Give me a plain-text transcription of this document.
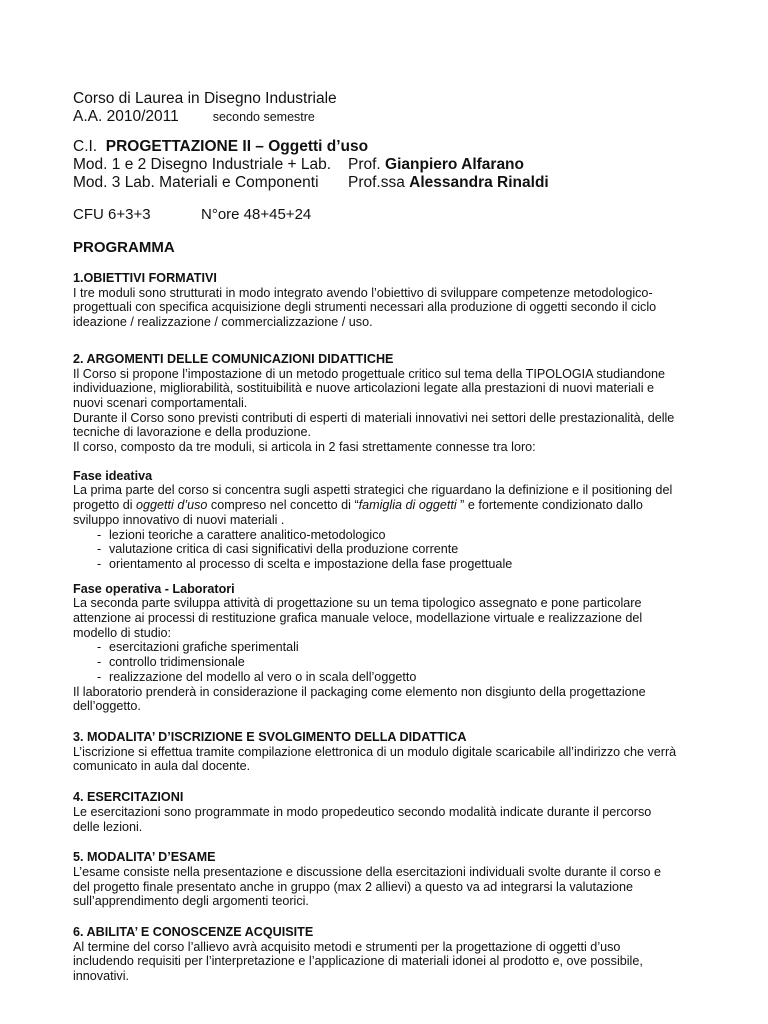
Corso di Laurea in Disegno Industriale
A.A. 2010/2011	secondo semestre
C.I. PROGETTAZIONE II – Oggetti d’uso
Mod. 1 e 2 Disegno Industriale + Lab.	Prof. Gianpiero Alfarano
Mod. 3 Lab. Materiali e Componenti	Prof.ssa Alessandra Rinaldi
CFU 6+3+3	N°ore 48+45+24
PROGRAMMA
1.OBIETTIVI FORMATIVI
I tre moduli sono strutturati in modo integrato avendo l’obiettivo di sviluppare competenze metodologico-
progettuali con specifica acquisizione degli strumenti necessari alla produzione di oggetti secondo il ciclo
ideazione / realizzazione / commercializzazione / uso.
2. ARGOMENTI DELLE COMUNICAZIONI DIDATTICHE
Il Corso si propone l’impostazione di un metodo progettuale critico sul tema della TIPOLOGIA studiandone
individuazione, migliorabilità, sostituibilità e nuove articolazioni legate alla prestazioni di nuovi materiali e
nuovi scenari comportamentali.
Durante il Corso sono previsti contributi di esperti di materiali innovativi nei settori delle prestazionalità, delle
tecniche di lavorazione e della produzione.
Il corso, composto da tre moduli, si articola in 2 fasi strettamente connesse tra loro:
Fase ideativa
La prima parte del corso si concentra sugli aspetti strategici che riguardano la definizione e il positioning del
progetto di oggetti d’uso compreso nel concetto di “famiglia di oggetti ” e fortemente condizionato dallo
sviluppo innovativo di nuovi materiali .
- lezioni teoriche a carattere analitico-metodologico
- valutazione critica di casi significativi della produzione corrente
- orientamento al processo di scelta e impostazione della fase progettuale
Fase operativa - Laboratori
La seconda parte sviluppa attività di progettazione su un tema tipologico assegnato e pone particolare
attenzione ai processi di restituzione grafica manuale veloce, modellazione virtuale e realizzazione del
modello di studio:
- esercitazioni grafiche sperimentali
- controllo tridimensionale
- realizzazione del modello al vero o in scala dell’oggetto
Il laboratorio prenderà in considerazione il packaging come elemento non disgiunto della progettazione
dell’oggetto.
3. MODALITA’ D’ISCRIZIONE E SVOLGIMENTO DELLA DIDATTICA
L’iscrizione si effettua tramite compilazione elettronica di un modulo digitale scaricabile all’indirizzo che verrà
comunicato in aula dal docente.
4. ESERCITAZIONI
Le esercitazioni sono programmate in modo propedeutico secondo modalità indicate durante il percorso
delle lezioni.
5. MODALITA’ D’ESAME
L’esame consiste nella presentazione e discussione della esercitazioni individuali svolte durante il corso e
del progetto finale presentato anche in gruppo (max 2 allievi) a questo va ad integrarsi la valutazione
sull’apprendimento degli argomenti teorici.
6. ABILITA’ E CONOSCENZE ACQUISITE
Al termine del corso l’allievo avrà acquisito metodi e strumenti per la progettazione di oggetti d’uso
includendo requisiti per l’interpretazione e l’applicazione di materiali idonei al prodotto e, ove possibile,
innovativi.
